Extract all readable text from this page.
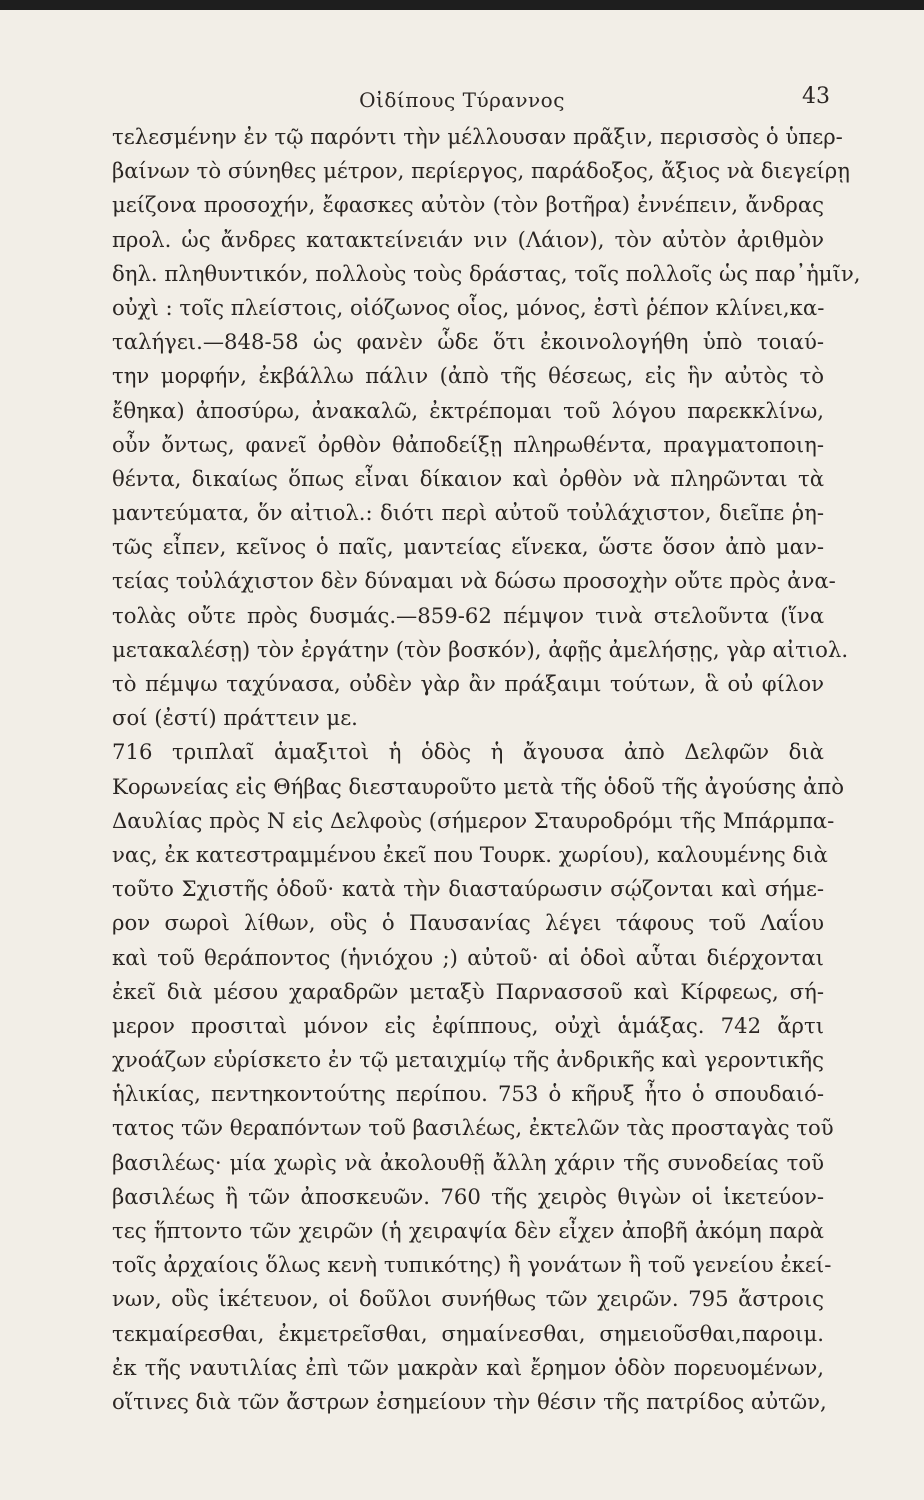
Οἰδίπους Τύραννος	43
τελεσμένην ἐν τῷ παρόντι τὴν μέλλουσαν πρᾶξιν, περισσὸς ὁ ὑπερ-
βαίνων τὸ σύνηθες μέτρον, περίεργος, παράδοξος, ἄξιος νὰ διεγείρῃ
μείζονα προσοχήν, ἔφασκες αὐτὸν (τὸν βοτῆρα) ἐννέπειν, ἄνδρας
προλ. ὡς ἄνδρες κατακτείνειάν νιν (Λάιον), τὸν αὐτὸν ἀριθμὸν
δηλ. πληθυντικόν, πολλοὺς τοὺς δράστας, τοῖς πολλοῖς ὡς παρ᾽ἡμῖν,
οὐχὶ : τοῖς πλείστοις, οἰόζωνος οἷος, μόνος, ἐστὶ ῥέπον κλίνει,κα-
ταλήγει.—848-58 ὡς φανὲν ὧδε ὅτι ἐκοινολογήθη ὑπὸ τοιαύ-
την μορφήν, ἐκβάλλω πάλιν (ἀπὸ τῆς θέσεως, εἰς ἣν αὐτὸς τὸ
ἔθηκα) ἀποσύρω, ἀνακαλῶ, ἐκτρέπομαι τοῦ λόγου παρεκκλίνω,
οὖν ὄντως, φανεῖ ὀρθὸν θἀποδείξῃ πληρωθέντα, πραγματοποιη-
θέντα, δικαίως ὅπως εἶναι δίκαιον καὶ ὀρθὸν νὰ πληρῶνται τὰ
μαντεύματα, ὅν αἰτιολ.: διότι περὶ αὐτοῦ τοὐλάχιστον, διεῖπε ῥη-
τῶς εἶπεν, κεῖνος ὁ παῖς, μαντείας εἵνεκα, ὥστε ὅσον ἀπὸ μαν-
τείας τοὐλάχιστον δὲν δύναμαι νὰ δώσω προσοχὴν οὔτε πρὸς ἀνα-
τολὰς οὔτε πρὸς δυσμάς.—859-62 πέμψον τινὰ στελοῦντα (ἵνα
μετακαλέσῃ) τὸν ἐργάτην (τὸν βοσκόν), ἀφῇς ἀμελήσῃς, γὰρ αἰτιολ.
τὸ πέμψω ταχύνασα, οὐδὲν γὰρ ἂν πράξαιμι τούτων, ἃ οὐ φίλον
σοί (ἐστί) πράττειν με.
716 τριπλαῖ ἁμαξιτοὶ ἡ ὁδὸς ἡ ἄγουσα ἀπὸ Δελφῶν διὰ
Κορωνείας εἰς Θήβας διεσταυροῦτο μετὰ τῆς ὁδοῦ τῆς ἀγούσης ἀπὸ
Δαυλίας πρὸς Ν εἰς Δελφοὺς (σήμερον Σταυροδρόμι τῆς Μπάρμπα-
νας, ἐκ κατεστραμμένου ἐκεῖ που Τουρκ. χωρίου), καλουμένης διὰ
τοῦτο Σχιστῆς ὁδοῦ· κατὰ τὴν διασταύρωσιν σῴζονται καὶ σήμε-
ρον σωροὶ λίθων, οὓς ὁ Παυσανίας λέγει τάφους τοῦ Λαΐου
καὶ τοῦ θεράποντος (ἡνιόχου ;) αὐτοῦ· αἱ ὁδοὶ αὗται διέρχονται
ἐκεῖ διὰ μέσου χαραδρῶν μεταξὺ Παρνασσοῦ καὶ Κίρφεως, σή-
μερον προσιταὶ μόνον εἰς ἐφίππους, οὐχὶ ἁμάξας. 742 ἄρτι
χνοάζων εὑρίσκετο ἐν τῷ μεταιχμίῳ τῆς ἀνδρικῆς καὶ γεροντικῆς
ἡλικίας, πεντηκοντούτης περίπου. 753 ὁ κῆρυξ ἦτο ὁ σπουδαιό-
τατος τῶν θεραπόντων τοῦ βασιλέως, ἐκτελῶν τὰς προσταγὰς τοῦ
βασιλέως· μία χωρὶς νὰ ἀκολουθῇ ἄλλη χάριν τῆς συνοδείας τοῦ
βασιλέως ἢ τῶν ἀποσκευῶν. 760 τῆς χειρὸς θιγὼν οἱ ἱκετεύον-
τες ἥπτοντο τῶν χειρῶν (ἡ χειραψία δὲν εἶχεν ἀποβῆ ἀκόμη παρὰ
τοῖς ἀρχαίοις ὅλως κενὴ τυπικότης) ἢ γονάτων ἢ τοῦ γενείου ἐκεί-
νων, οὓς ἱκέτευον, οἱ δοῦλοι συνήθως τῶν χειρῶν. 795 ἄστροις
τεκμαίρεσθαι, ἐκμετρεῖσθαι, σημαίνεσθαι, σημειοῦσθαι,παροιμ.
ἐκ τῆς ναυτιλίας ἐπὶ τῶν μακρὰν καὶ ἔρημον ὁδὸν πορευομένων,
οἵτινες διὰ τῶν ἄστρων ἐσημείουν τὴν θέσιν τῆς πατρίδος αὐτῶν,
